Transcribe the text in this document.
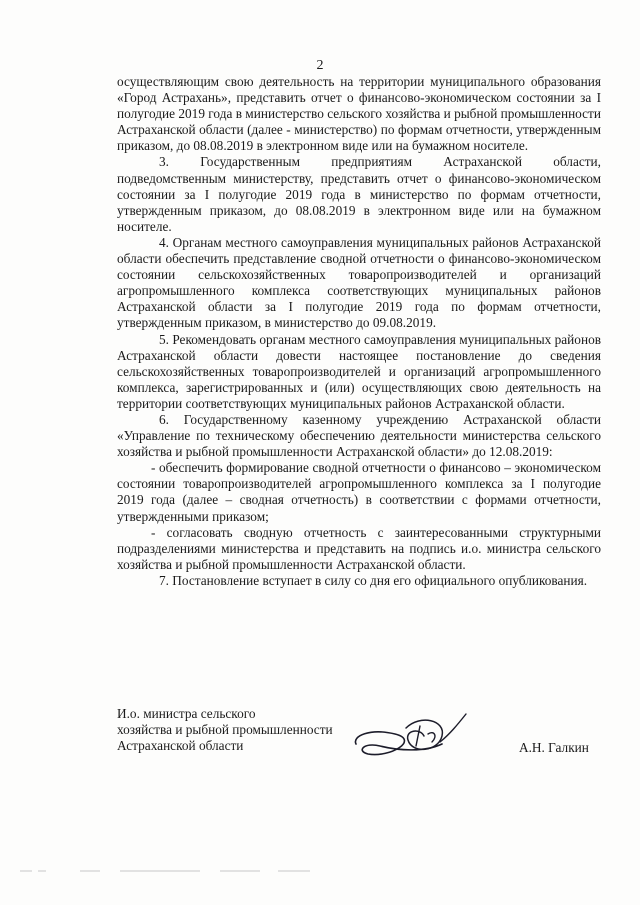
2

осуществляющим свою деятельность на территории муниципального образования «Город Астрахань», представить отчет о финансово-экономическом состоянии за I полугодие 2019 года в министерство сельского хозяйства и рыбной промышленности Астраханской области (далее - министерство) по формам отчетности, утвержденным приказом, до 08.08.2019 в электронном виде или на бумажном носителе.

3. Государственным предприятиям Астраханской области, подведомственным министерству, представить отчет о финансово-экономическом состоянии за I полугодие 2019 года в министерство по формам отчетности, утвержденным приказом, до 08.08.2019 в электронном виде или на бумажном носителе.

4. Органам местного самоуправления муниципальных районов Астраханской области обеспечить представление сводной отчетности о финансово-экономическом состоянии сельскохозяйственных товаропроизводителей и организаций агропромышленного комплекса соответствующих муниципальных районов Астраханской области за I полугодие 2019 года по формам отчетности, утвержденным приказом, в министерство до 09.08.2019.

5. Рекомендовать органам местного самоуправления муниципальных районов Астраханской области довести настоящее постановление до сведения сельскохозяйственных товаропроизводителей и организаций агропромышленного комплекса, зарегистрированных и (или) осуществляющих свою деятельность на территории соответствующих муниципальных районов Астраханской области.

6. Государственному казенному учреждению Астраханской области «Управление по техническому обеспечению деятельности министерства сельского хозяйства и рыбной промышленности Астраханской области» до 12.08.2019:

- обеспечить формирование сводной отчетности о финансово – экономическом состоянии товаропроизводителей агропромышленного комплекса за I полугодие 2019 года (далее – сводная отчетность) в соответствии с формами отчетности, утвержденными приказом;

- согласовать сводную отчетность с заинтересованными структурными подразделениями министерства и представить на подпись и.о. министра сельского хозяйства и рыбной промышленности Астраханской области.

7. Постановление вступает в силу со дня его официального опубликования.

И.о. министра сельского
хозяйства и рыбной промышленности
Астраханской области	А.Н. Галкин
